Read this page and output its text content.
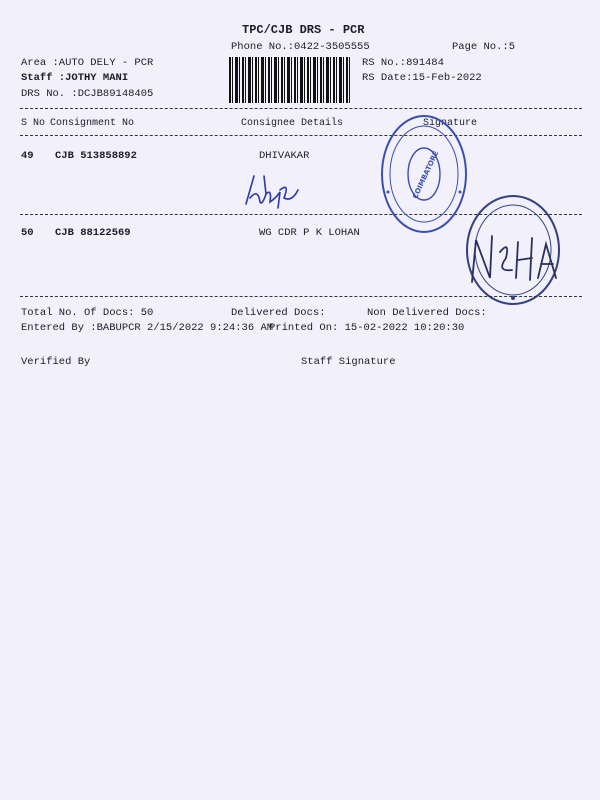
TPC/CJB DRS - PCR
Phone No.:0422-3505555	Page No.:5
Area :AUTO DELY - PCR
Staff :JOTHY MANI
DRS No. :DCJB89148405
RS No.:891484
RS Date:15-Feb-2022
S No Consignment No	Consignee Details	Signature
49 CJB 513858892	DHIVAKAR
50 CJB 88122569	WG CDR P K LOHAN
COIMBATORE
Total No. Of Docs: 50	Delivered Docs:	Non Delivered Docs:
Entered By :BABUPCR 2/15/2022 9:24:36 AM
Printed On: 15-02-2022 10:20:30
Verified By	Staff Signature
